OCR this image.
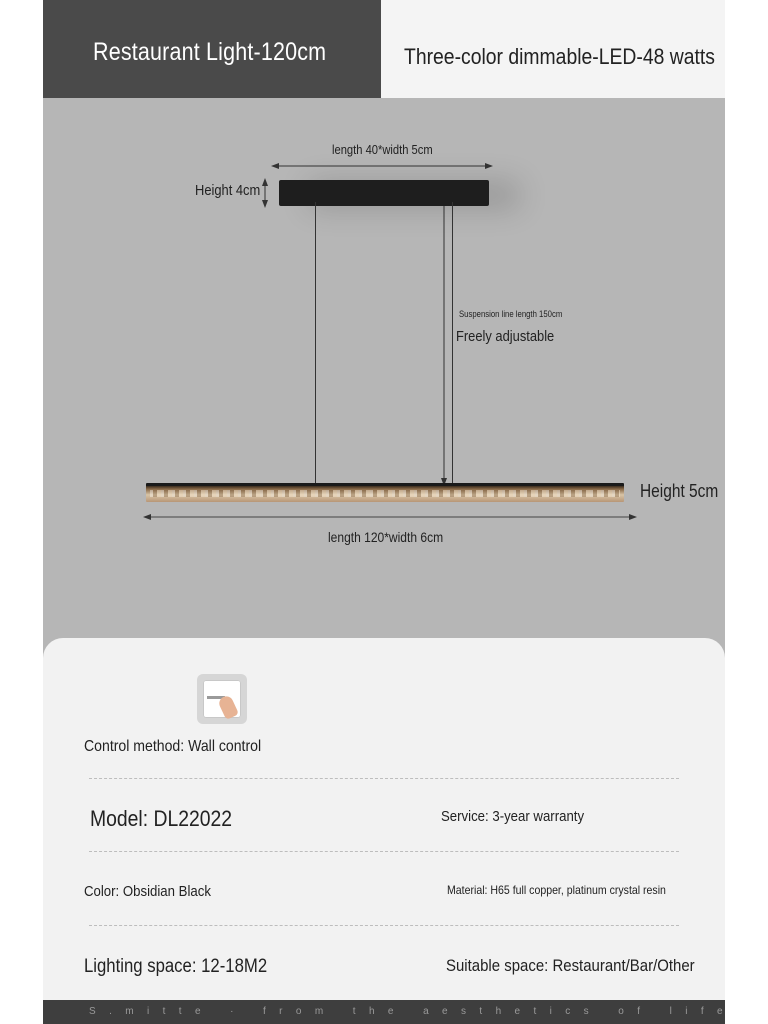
Restaurant Light-120cm	Three-color dimmable-LED-48 watts
length 40*width 5cm
Height 4cm
Suspension line length 150cm
Freely adjustable
Height 5cm
length 120*width 6cm
Control method: Wall control
Model: DL22022	Service: 3-year warranty
Color: Obsidian Black	Material: H65 full copper, platinum crystal resin
Lighting space: 12-18M2	Suitable space: Restaurant/Bar/Other
S.mitte · from the aesthetics of life
